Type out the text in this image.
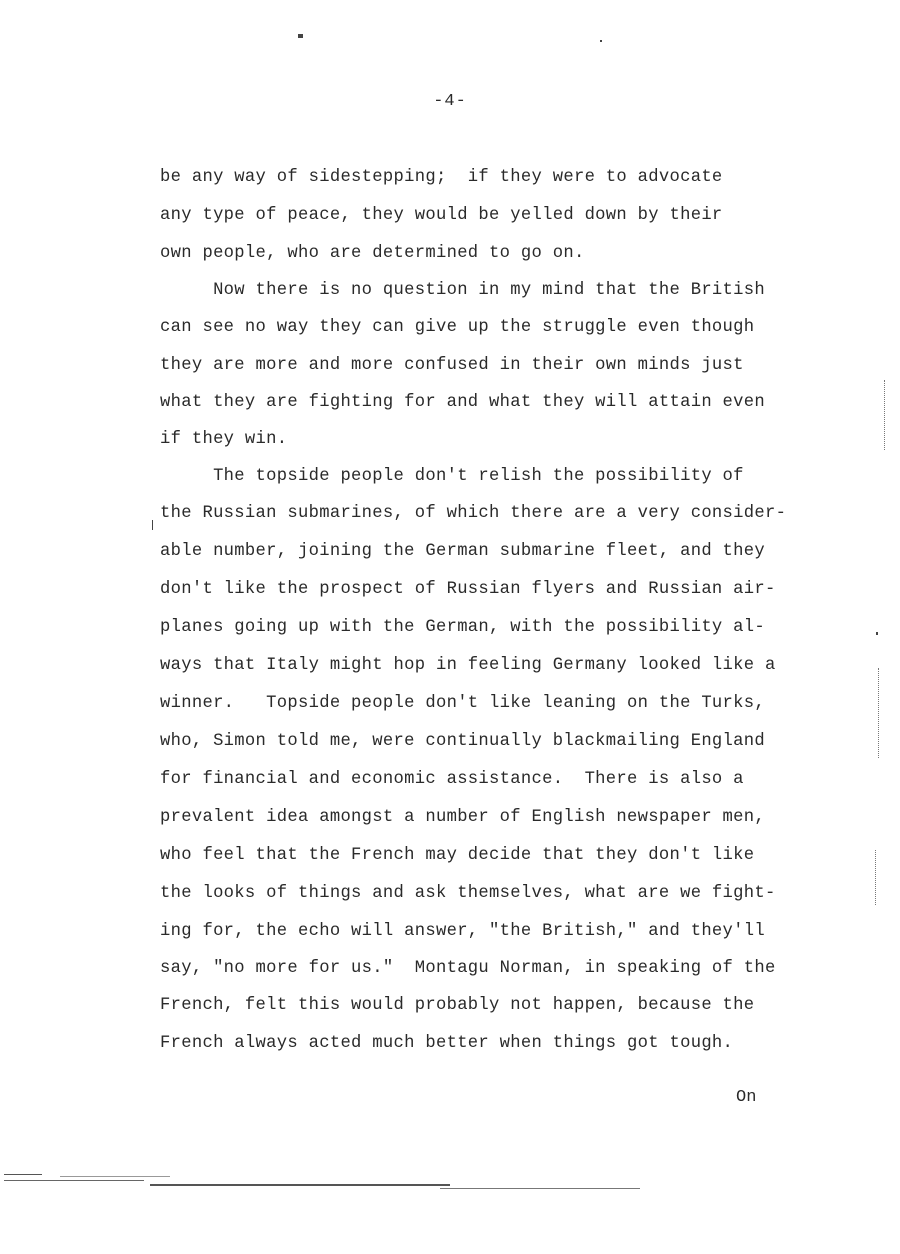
-4-
be any way of sidestepping;  if they were to advocate
any type of peace, they would be yelled down by their
own people, who are determined to go on.
Now there is no question in my mind that the British
can see no way they can give up the struggle even though
they are more and more confused in their own minds just
what they are fighting for and what they will attain even
if they win.
The topside people don't relish the possibility of
the Russian submarines, of which there are a very consider-
able number, joining the German submarine fleet, and they
don't like the prospect of Russian flyers and Russian air-
planes going up with the German, with the possibility al-
ways that Italy might hop in feeling Germany looked like a
winner.   Topside people don't like leaning on the Turks,
who, Simon told me, were continually blackmailing England
for financial and economic assistance.  There is also a
prevalent idea amongst a number of English newspaper men,
who feel that the French may decide that they don't like
the looks of things and ask themselves, what are we fight-
ing for, the echo will answer, "the British," and they'll
say, "no more for us."  Montagu Norman, in speaking of the
French, felt this would probably not happen, because the
French always acted much better when things got tough.
On
